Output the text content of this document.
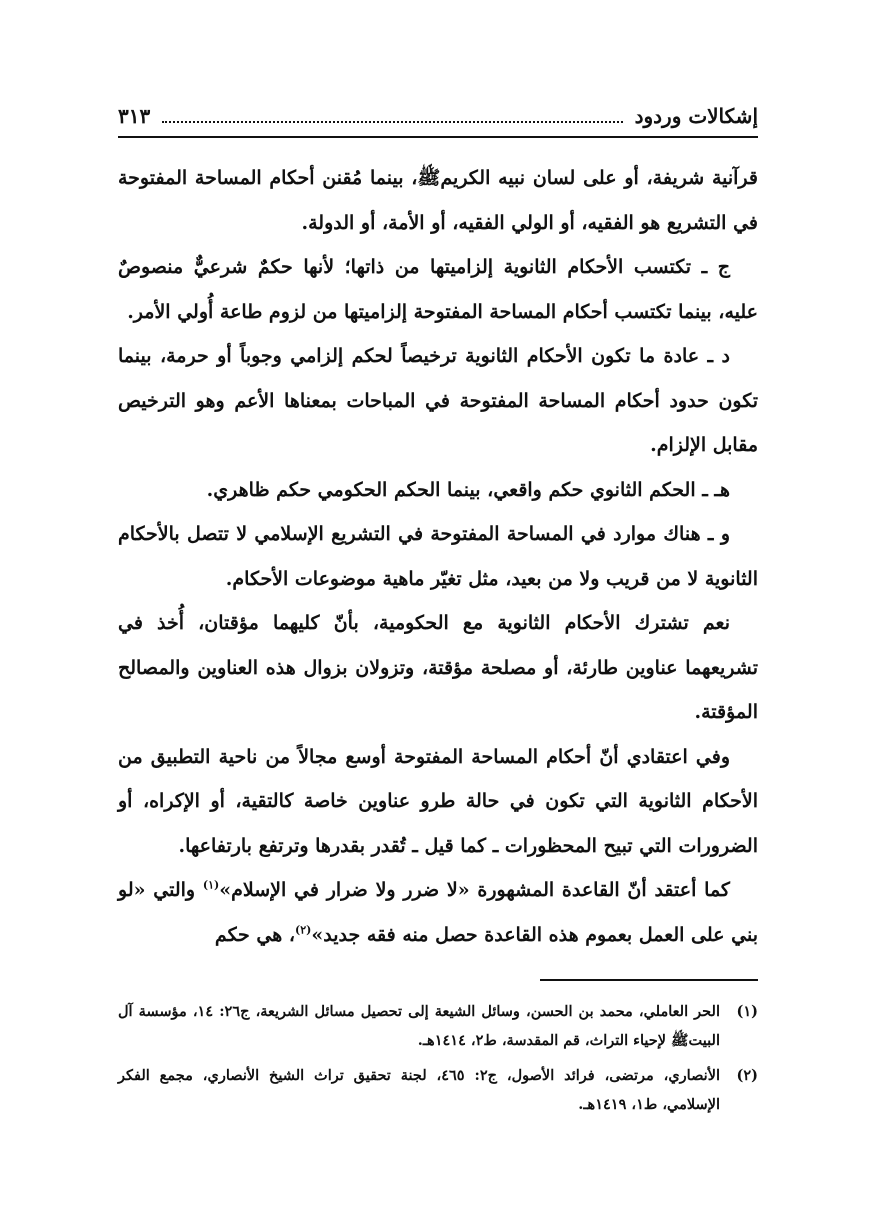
إشكالات وردود
٣١٣

قرآنية شريفة، أو على لسان نبيه الكريمﷺ، بينما مُقنن أحكام المساحة المفتوحة في التشريع هو الفقيه، أو الولي الفقيه، أو الأمة، أو الدولة.

ج ـ تكتسب الأحكام الثانوية إلزاميتها من ذاتها؛ لأنها حكمٌ شرعيٌّ منصوصٌ عليه، بينما تكتسب أحكام المساحة المفتوحة إلزاميتها من لزوم طاعة أُولي الأمر.

د ـ عادة ما تكون الأحكام الثانوية ترخيصاً لحكم إلزامي وجوباً أو حرمة، بينما تكون حدود أحكام المساحة المفتوحة في المباحات بمعناها الأعم وهو الترخيص مقابل الإلزام.

هـ ـ الحكم الثانوي حكم واقعي، بينما الحكم الحكومي حكم ظاهري.

و ـ هناك موارد في المساحة المفتوحة في التشريع الإسلامي لا تتصل بالأحكام الثانوية لا من قريب ولا من بعيد، مثل تغيّر ماهية موضوعات الأحكام.

نعم تشترك الأحكام الثانوية مع الحكومية، بأنّ كليهما مؤقتان، أُخذ في تشريعهما عناوين طارئة، أو مصلحة مؤقتة، وتزولان بزوال هذه العناوين والمصالح المؤقتة.

وفي اعتقادي أنّ أحكام المساحة المفتوحة أوسع مجالاً من ناحية التطبيق من الأحكام الثانوية التي تكون في حالة طرو عناوين خاصة كالتقية، أو الإكراه، أو الضرورات التي تبيح المحظورات ـ كما قيل ـ تُقدر بقدرها وترتفع بارتفاعها.

كما أعتقد أنّ القاعدة المشهورة «لا ضرر ولا ضرار في الإسلام»$^{(١)}$ والتي «لو بني على العمل بعموم هذه القاعدة حصل منه فقه جديد»$^{(٢)}$، هي حكم

(١)
الحر العاملي، محمد بن الحسن، وسائل الشيعة إلى تحصيل مسائل الشريعة، ج٢٦: ١٤، مؤسسة آل البيتﷺ لإحياء التراث، قم المقدسة، ط٢، ١٤١٤هـ.
(٢)
الأنصاري، مرتضى، فرائد الأصول، ج٢: ٤٦٥، لجنة تحقيق تراث الشيخ الأنصاري، مجمع الفكر الإسلامي، ط١، ١٤١٩هـ.
